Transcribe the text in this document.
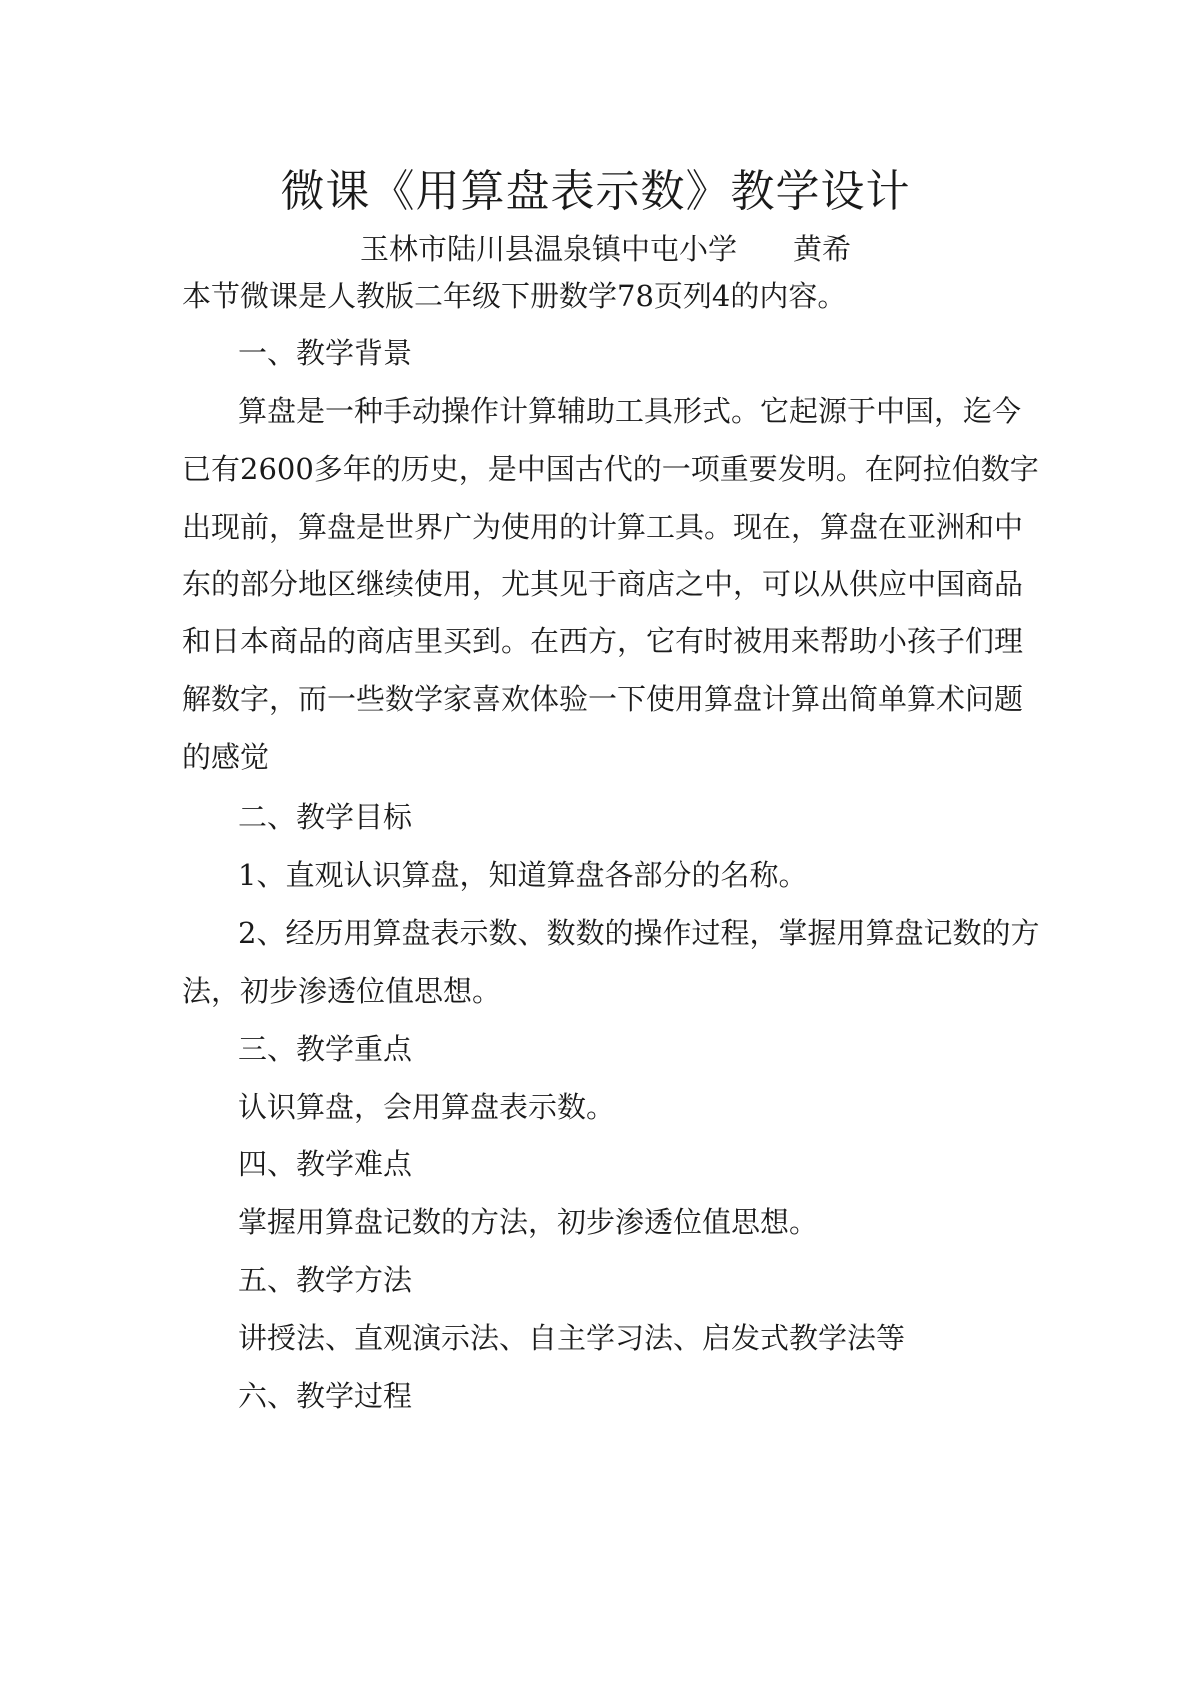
微课《用算盘表示数》教学设计
玉林市陆川县温泉镇中屯小学 黄希
本节微课是人教版二年级下册数学78页列4的内容。
一、教学背景
算盘是一种手动操作计算辅助工具形式。它起源于中国，迄今
已有2600多年的历史，是中国古代的一项重要发明。在阿拉伯数字
出现前，算盘是世界广为使用的计算工具。现在，算盘在亚洲和中
东的部分地区继续使用，尤其见于商店之中，可以从供应中国商品
和日本商品的商店里买到。在西方，它有时被用来帮助小孩子们理
解数字，而一些数学家喜欢体验一下使用算盘计算出简单算术问题
的感觉
二、教学目标
1、直观认识算盘，知道算盘各部分的名称。
2、经历用算盘表示数、数数的操作过程，掌握用算盘记数的方
法，初步渗透位值思想。
三、教学重点
认识算盘，会用算盘表示数。
四、教学难点
掌握用算盘记数的方法，初步渗透位值思想。
五、教学方法
讲授法、直观演示法、自主学习法、启发式教学法等
六、教学过程
